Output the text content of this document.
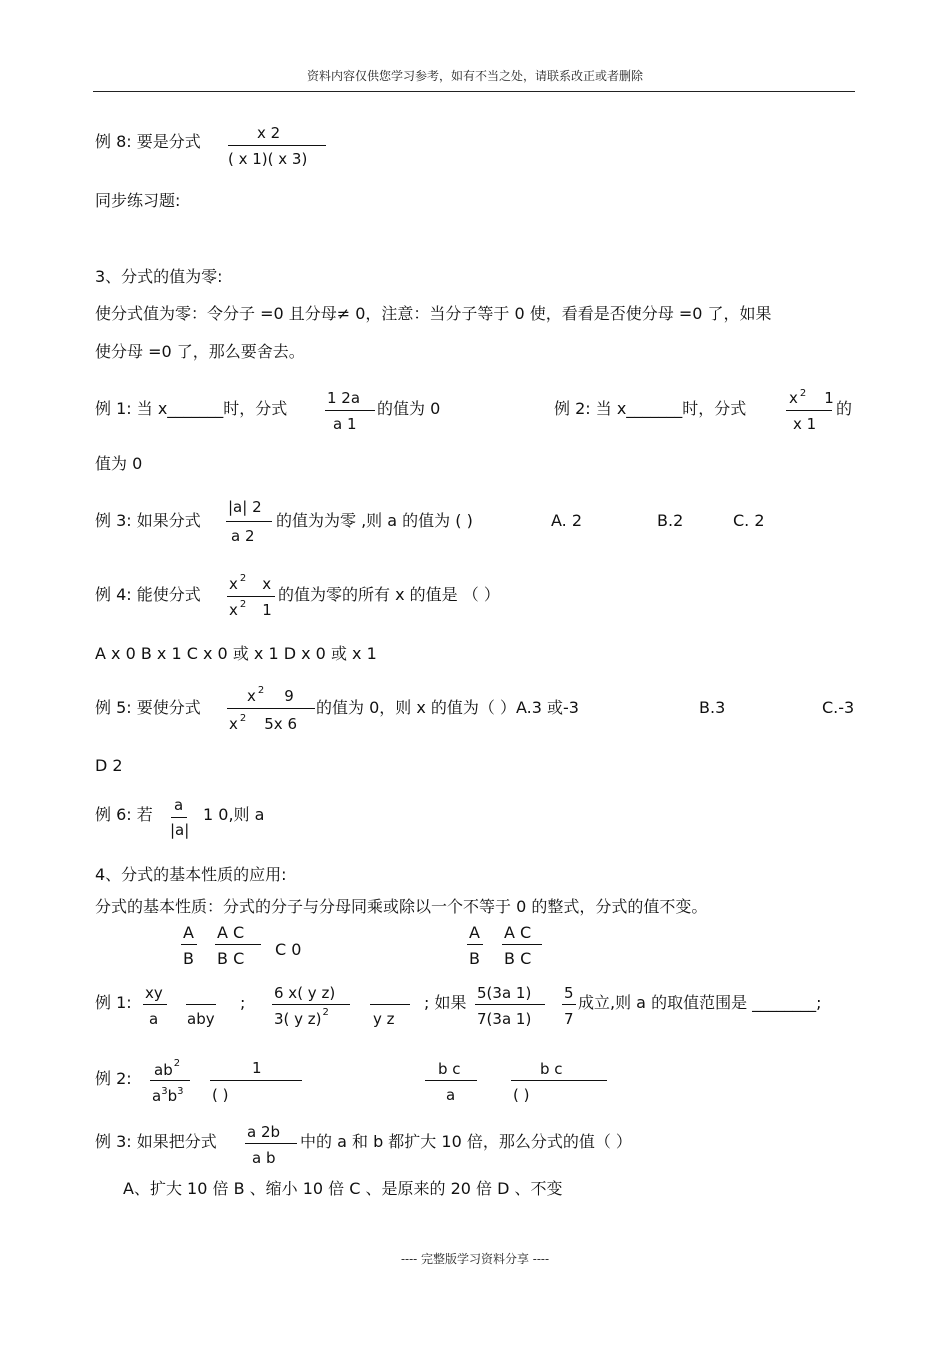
资料内容仅供您学习参考，如有不当之处，请联系改正或者删除
例 8: 要是分式	x 2
( x 1)( x 3)
同步练习题:
3、分式的值为零:
使分式值为零：令分子 =0 且分母≠ 0，注意：当分子等于 0 使，看看是否使分母 =0 了，如果
使分母 =0 了，那么要舍去。
例 1: 当 x_______时，分式
1 2a
a 1
的值为 0	例 2: 当 x_______时，分式
x $^2$ 1
x 1
的
值为 0
例 3: 如果分式
|a| 2
a 2
的值为为零 ,则 a 的值为 ( )	A. 2	B.2	C. 2
例 4: 能使分式
x $^2$ x
x $^2$ 1
的值为零的所有 x 的值是 （ ）
A x 0 B x 1 C x 0 或 x 1 D x 0 或 x 1
例 5: 要使分式
x $^2$ 9
x $^2$ 5x 6
的值为 0，则 x 的值为（ ）A.3 或-3	B.3	C.-3
D 2
例 6: 若 a
|a|
1 0,则 a
4、分式的基本性质的应用:
分式的基本性质：分式的分子与分母同乘或除以一个不等于 0 的整式，分式的值不变。
A
B
A C
B C C 0
A
B
A C
B C
例 1: xy
a aby
; 6 x( y z)
3( y z)$^2$	y z
; 如果 5(3a 1)
7(3a 1)
5
7
成立,则 a 的取值范围是 ________;
例 2: $ab^2$
$a^3b^3$
1
( )
b c
a
b c
( )
例 3: 如果把分式 a 2b
a b
中的 a 和 b 都扩大 10 倍，那么分式的值（ ）
A、扩大 10 倍 B 、缩小 10 倍 C 、是原来的 20 倍 D 、不变
---- 完整版学习资料分享 ----
